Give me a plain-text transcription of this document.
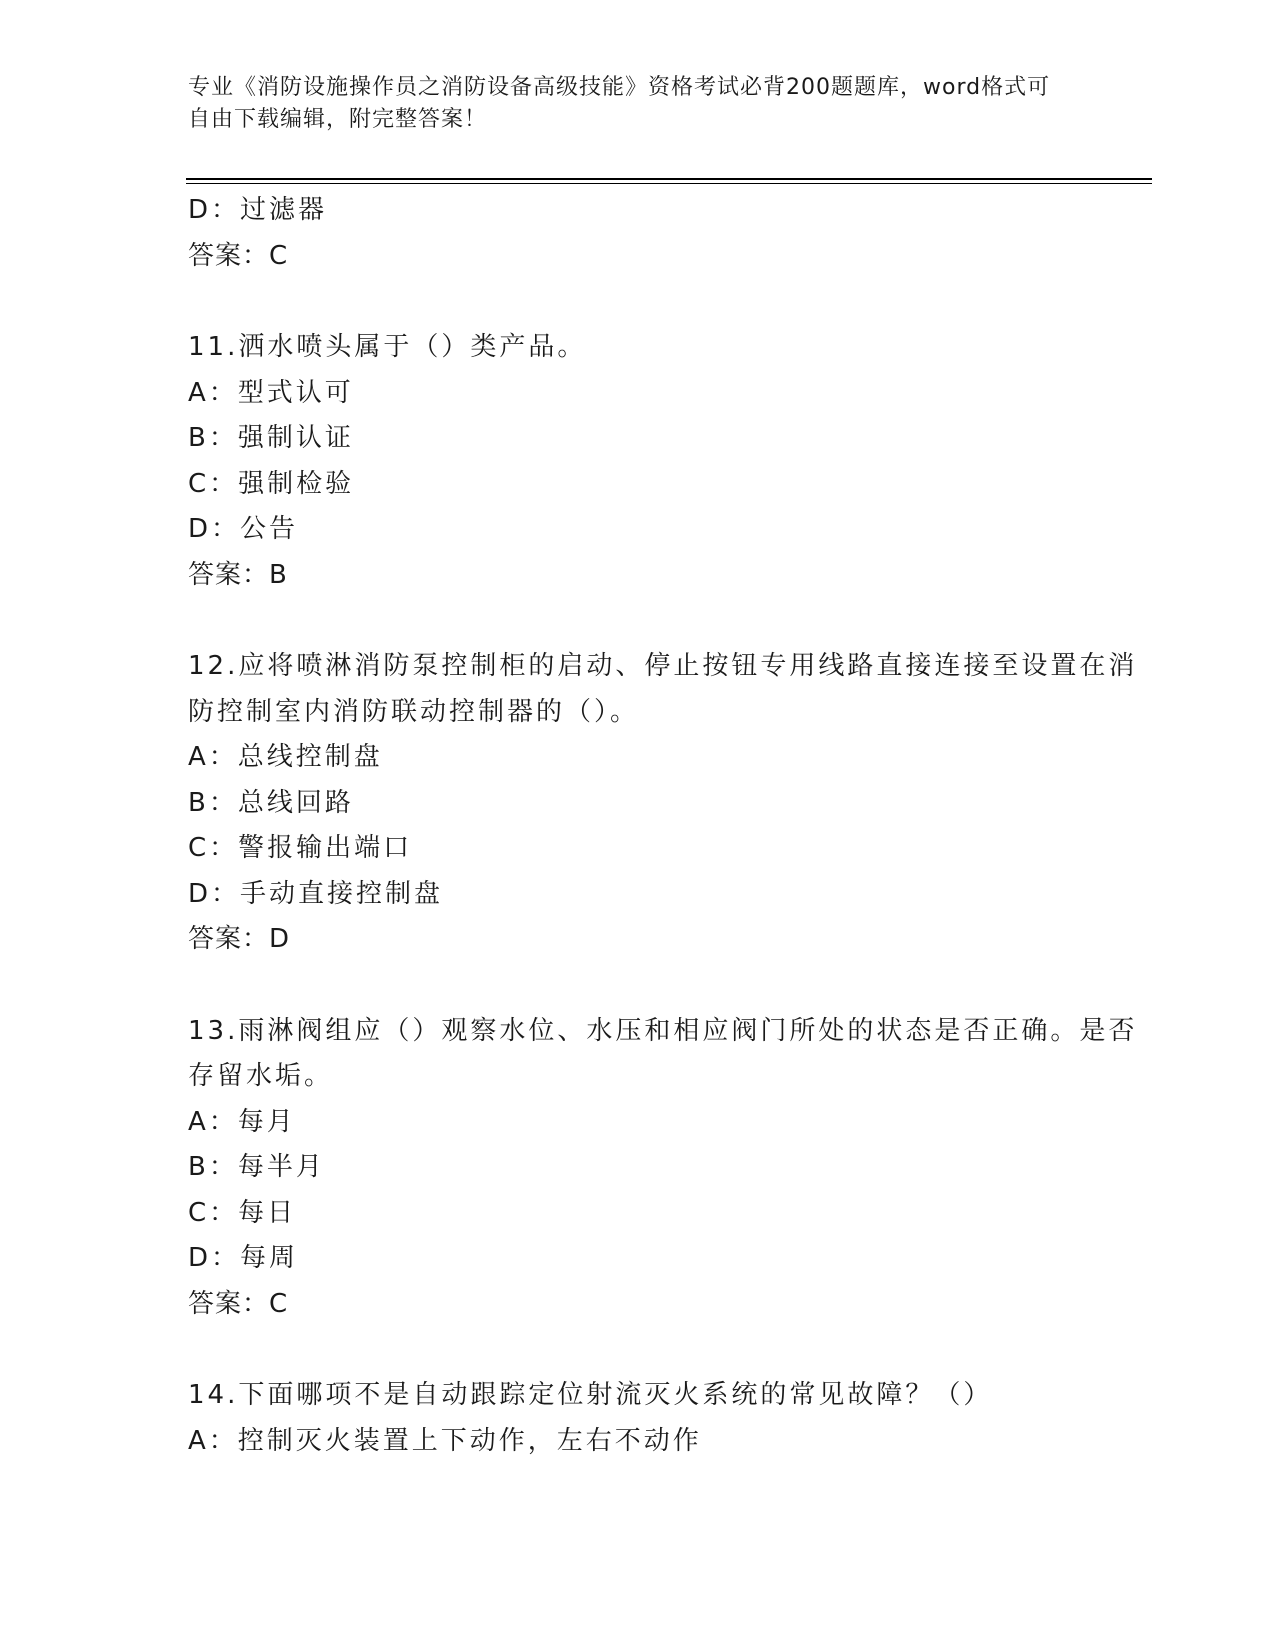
专业《消防设施操作员之消防设备高级技能》资格考试必背200题题库，word格式可自由下载编辑，附完整答案！
D：过滤器
答案：C
11.洒水喷头属于（）类产品。
A：型式认可
B：强制认证
C：强制检验
D：公告
答案：B
12.应将喷淋消防泵控制柜的启动、停止按钮专用线路直接连接至设置在消防控制室内消防联动控制器的（）。
A：总线控制盘
B：总线回路
C：警报输出端口
D：手动直接控制盘
答案：D
13.雨淋阀组应（）观察水位、水压和相应阀门所处的状态是否正确。是否存留水垢。
A：每月
B：每半月
C：每日
D：每周
答案：C
14.下面哪项不是自动跟踪定位射流灭火系统的常见故障？（）
A：控制灭火装置上下动作，左右不动作
